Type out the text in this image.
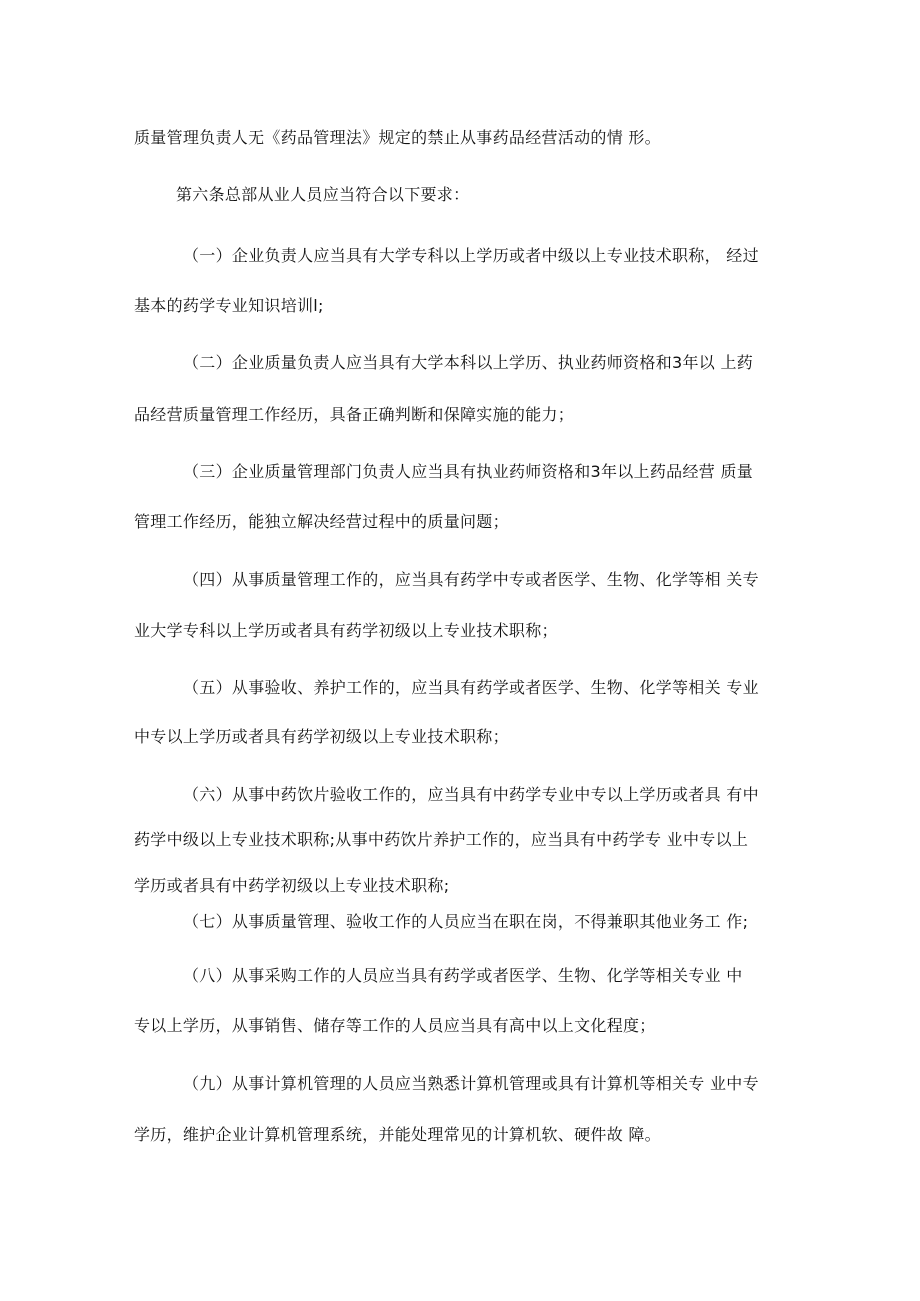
质量管理负责人无《药品管理法》规定的禁止从事药品经营活动的情 形。
第六条总部从业人员应当符合以下要求：
（一）企业负责人应当具有大学专科以上学历或者中级以上专业技术职称， 经过
基本的药学专业知识培训l;
（二）企业质量负责人应当具有大学本科以上学历、执业药师资格和3年以 上药
品经营质量管理工作经历，具备正确判断和保障实施的能力；
（三）企业质量管理部门负责人应当具有执业药师资格和3年以上药品经营 质量
管理工作经历，能独立解决经营过程中的质量问题；
（四）从事质量管理工作的，应当具有药学中专或者医学、生物、化学等相 关专
业大学专科以上学历或者具有药学初级以上专业技术职称；
（五）从事验收、养护工作的，应当具有药学或者医学、生物、化学等相关 专业
中专以上学历或者具有药学初级以上专业技术职称；
（六）从事中药饮片验收工作的，应当具有中药学专业中专以上学历或者具 有中
药学中级以上专业技术职称;从事中药饮片养护工作的，应当具有中药学专 业中专以上
学历或者具有中药学初级以上专业技术职称;
（七）从事质量管理、验收工作的人员应当在职在岗，不得兼职其他业务工 作;
（八）从事采购工作的人员应当具有药学或者医学、生物、化学等相关专业 中
专以上学历，从事销售、储存等工作的人员应当具有高中以上文化程度；
（九）从事计算机管理的人员应当熟悉计算机管理或具有计算机等相关专 业中专
学历，维护企业计算机管理系统，并能处理常见的计算机软、硬件故 障。
